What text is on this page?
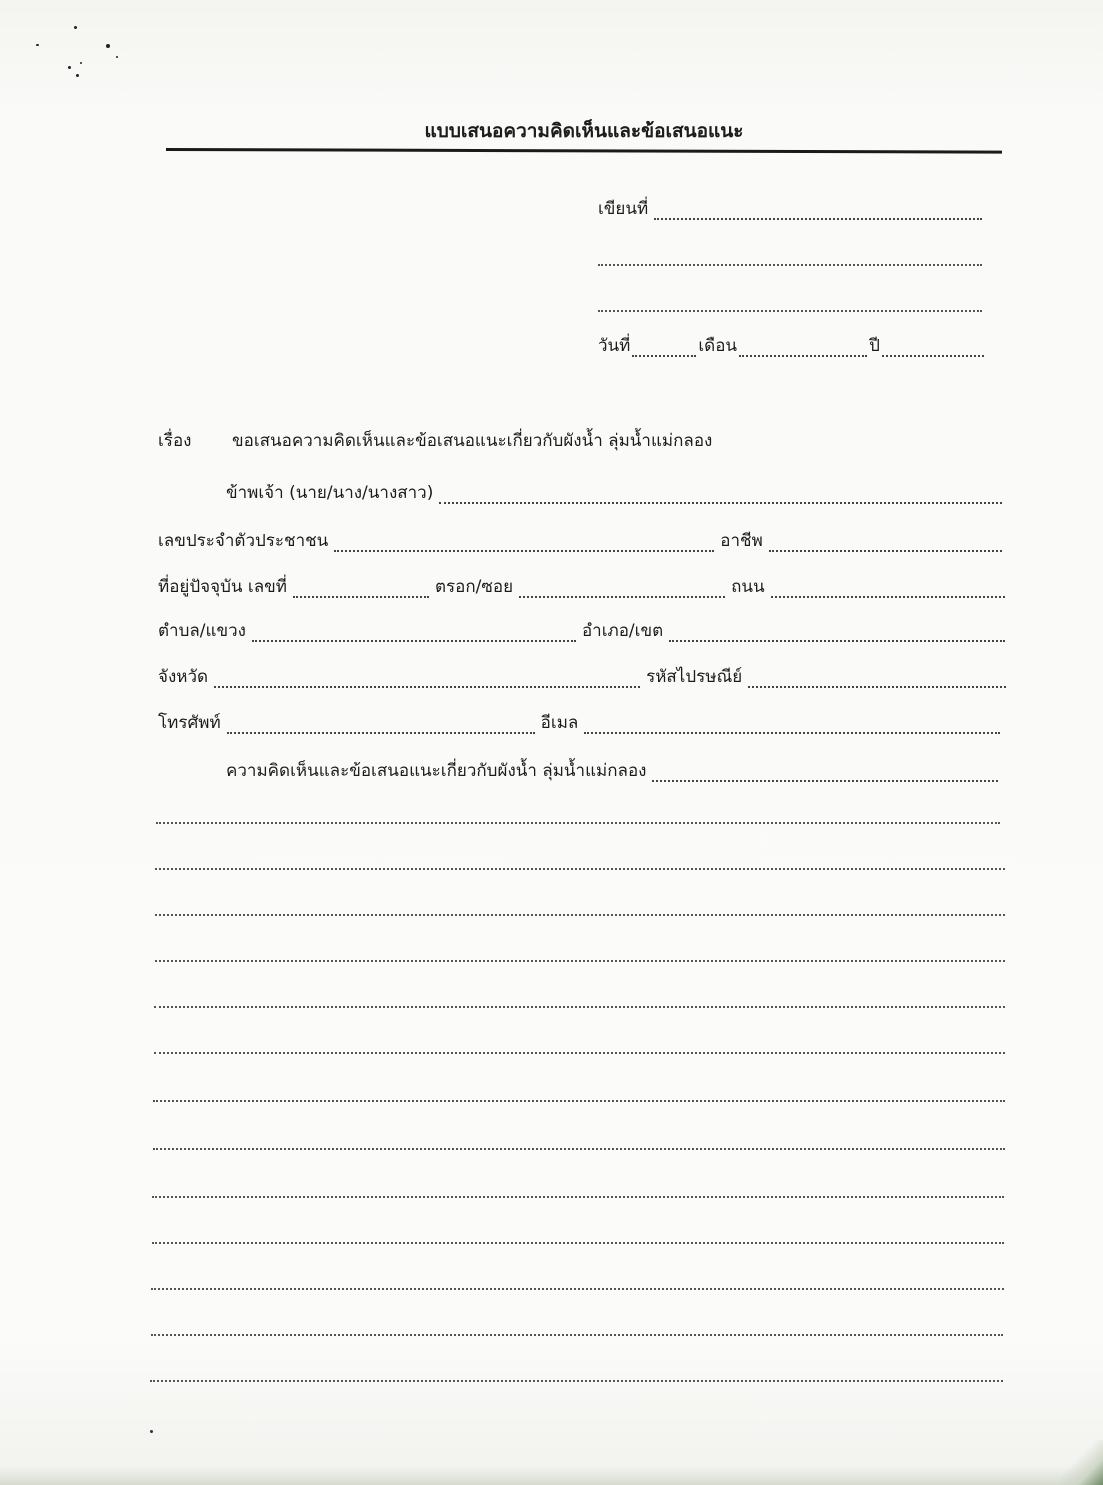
แบบเสนอความคิดเห็นและข้อเสนอแนะ
เขียนที่
วันที่	เดือน	ปี
เรื่อง	ขอเสนอความคิดเห็นและข้อเสนอแนะเกี่ยวกับผังน้ำ ลุ่มน้ำแม่กลอง
ข้าพเจ้า (นาย/นาง/นางสาว)
เลขประจำตัวประชาชน	อาชีพ
ที่อยู่ปัจจุบัน เลขที่	ตรอก/ซอย	ถนน
ตำบล/แขวง	อำเภอ/เขต
จังหวัด	รหัสไปรษณีย์
โทรศัพท์	อีเมล
ความคิดเห็นและข้อเสนอแนะเกี่ยวกับผังน้ำ ลุ่มน้ำแม่กลอง
